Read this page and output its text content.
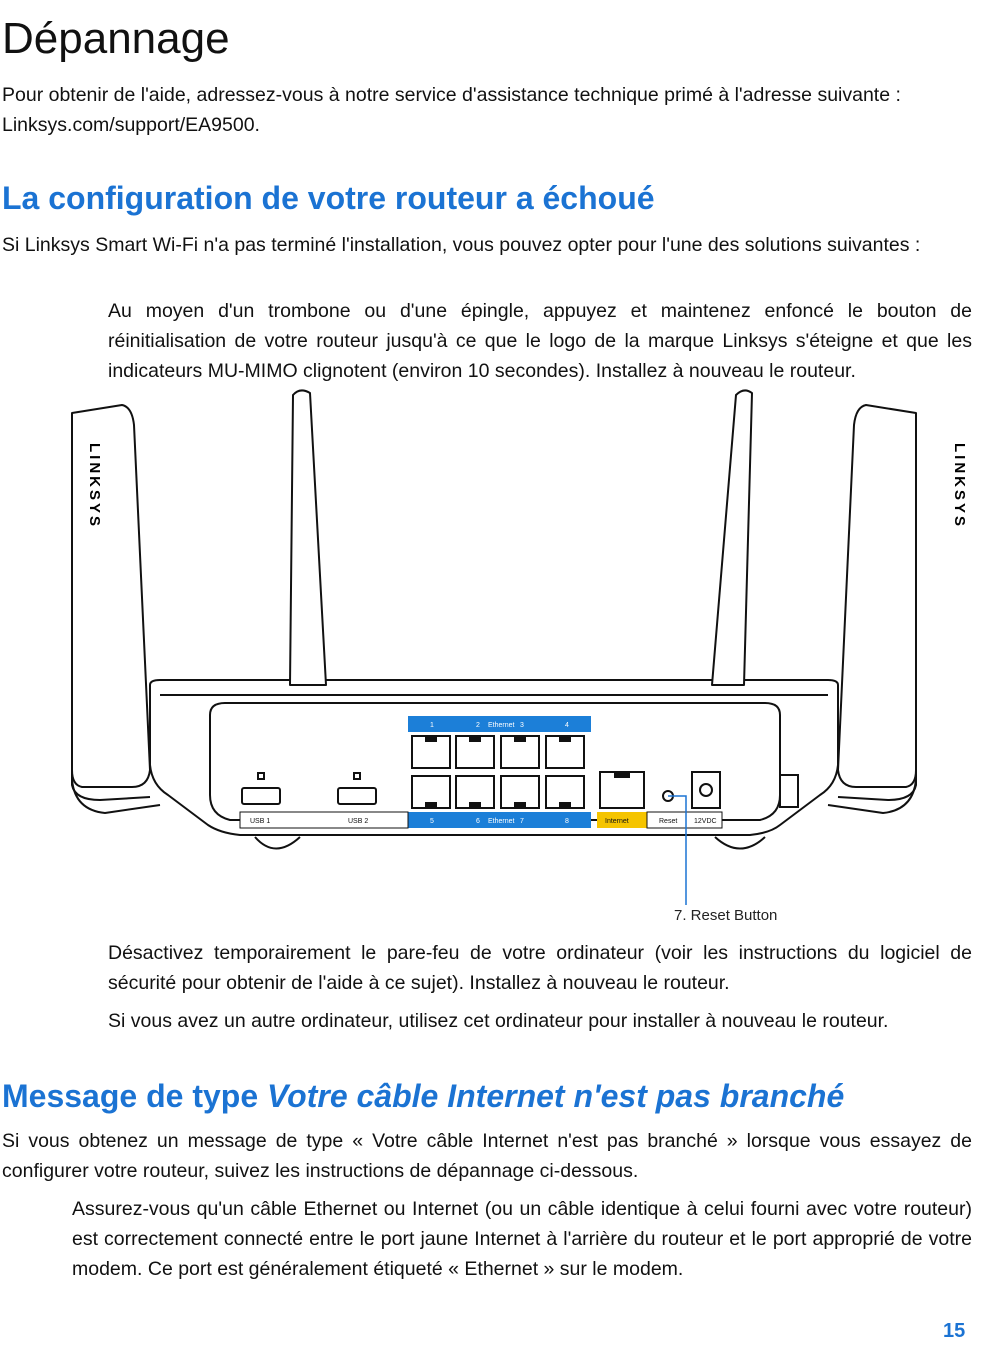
Dépannage

Pour obtenir de l'aide, adressez-vous à notre service d'assistance technique primé à l'adresse suivante : Linksys.com/support/EA9500.

La configuration de votre routeur a échoué

Si Linksys Smart Wi-Fi n'a pas terminé l'installation, vous pouvez opter pour l'une des solutions suivantes :

Au moyen d'un trombone ou d'une épingle, appuyez et maintenez enfoncé le bouton de réinitialisation de votre routeur jusqu'à ce que le logo de la marque Linksys s'éteigne et que les indicateurs MU-MIMO clignotent (environ 10 secondes). Installez à nouveau le routeur.

LINKSYS	LINKSYS
1	2 Ethernet 3	4
5	6 Ethernet 7	8
USB 1	USB 2	Internet	Reset 12VDC
7. Reset Button

Désactivez temporairement le pare-feu de votre ordinateur (voir les instructions du logiciel de sécurité pour obtenir de l'aide à ce sujet). Installez à nouveau le routeur.

Si vous avez un autre ordinateur, utilisez cet ordinateur pour installer à nouveau le routeur.

Message de type Votre câble Internet n'est pas branché

Si vous obtenez un message de type « Votre câble Internet n'est pas branché » lorsque vous essayez de configurer votre routeur, suivez les instructions de dépannage ci-dessous.

Assurez-vous qu'un câble Ethernet ou Internet (ou un câble identique à celui fourni avec votre routeur) est correctement connecté entre le port jaune Internet à l'arrière du routeur et le port approprié de votre modem. Ce port est généralement étiqueté « Ethernet » sur le modem.

15
